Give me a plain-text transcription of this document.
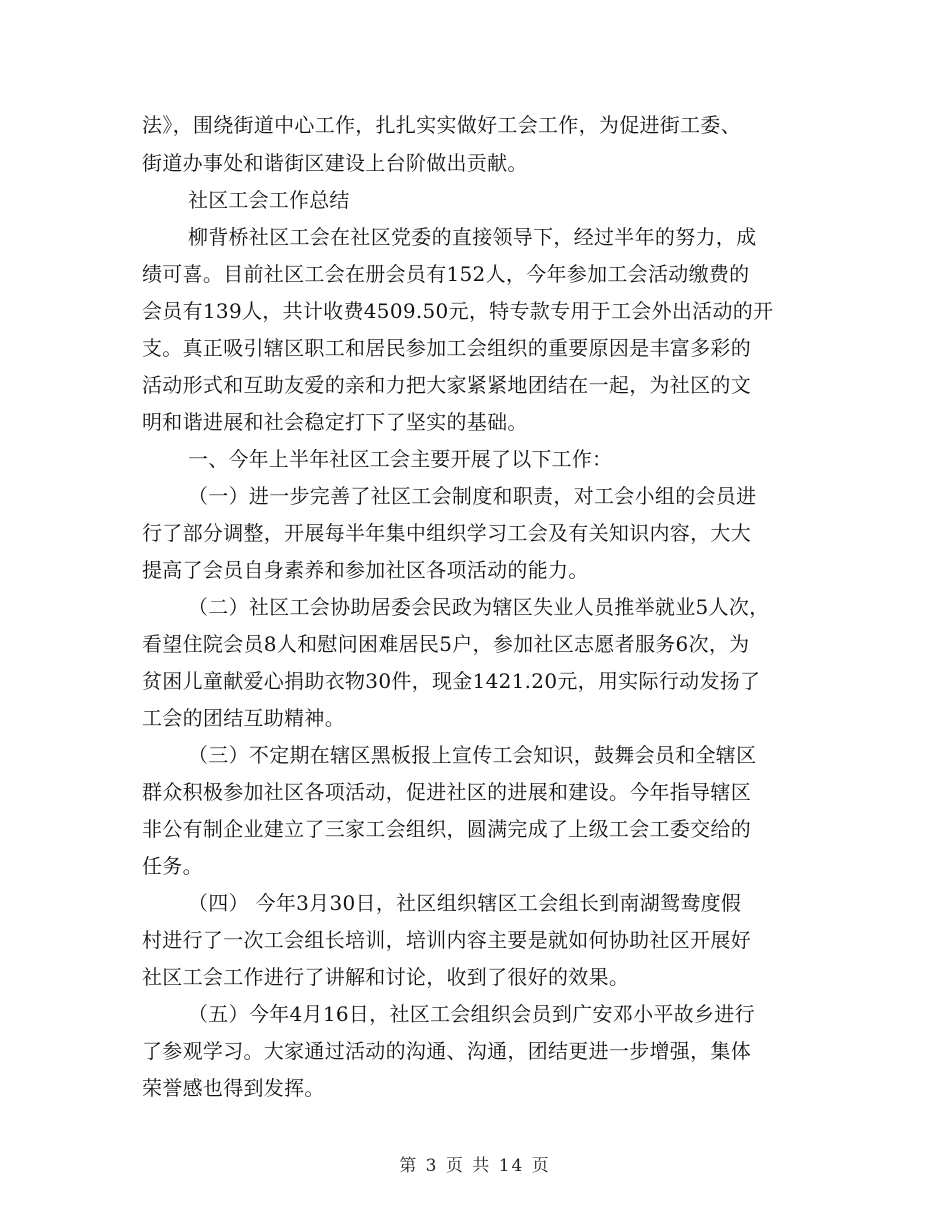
法》，围绕街道中心工作，扎扎实实做好工会工作，为促进街工委、
街道办事处和谐街区建设上台阶做出贡献。
社区工会工作总结
柳背桥社区工会在社区党委的直接领导下，经过半年的努力，成
绩可喜。目前社区工会在册会员有152人，今年参加工会活动缴费的
会员有139人，共计收费4509.50元，特专款专用于工会外出活动的开
支。真正吸引辖区职工和居民参加工会组织的重要原因是丰富多彩的
活动形式和互助友爱的亲和力把大家紧紧地团结在一起，为社区的文
明和谐进展和社会稳定打下了坚实的基础。
一、今年上半年社区工会主要开展了以下工作：
（一）进一步完善了社区工会制度和职责，对工会小组的会员进
行了部分调整，开展每半年集中组织学习工会及有关知识内容，大大
提高了会员自身素养和参加社区各项活动的能力。
（二）社区工会协助居委会民政为辖区失业人员推举就业5人次，
看望住院会员8人和慰问困难居民5户，参加社区志愿者服务6次，为
贫困儿童献爱心捐助衣物30件，现金1421.20元，用实际行动发扬了
工会的团结互助精神。
（三）不定期在辖区黑板报上宣传工会知识，鼓舞会员和全辖区
群众积极参加社区各项活动，促进社区的进展和建设。今年指导辖区
非公有制企业建立了三家工会组织，圆满完成了上级工会工委交给的
任务。
（四） 今年3月30日，社区组织辖区工会组长到南湖鸳鸯度假
村进行了一次工会组长培训，培训内容主要是就如何协助社区开展好
社区工会工作进行了讲解和讨论，收到了很好的效果。
（五）今年4月16日，社区工会组织会员到广安邓小平故乡进行
了参观学习。大家通过活动的沟通、沟通，团结更进一步增强，集体
荣誉感也得到发挥。
第 3 页 共 14 页
